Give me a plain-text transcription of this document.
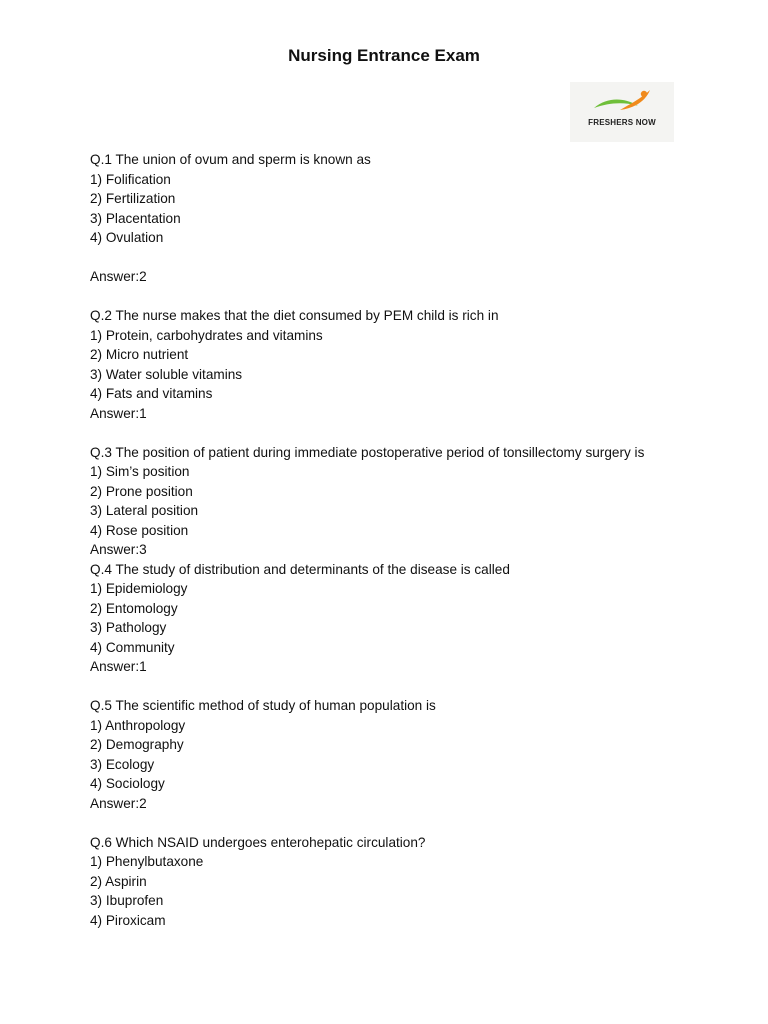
Nursing Entrance Exam
FRESHERS NOW
Q.1 The union of ovum and sperm is known as
1) Folification
2) Fertilization
3) Placentation
4) Ovulation
Answer:2
Q.2 The nurse makes that the diet consumed by PEM child is rich in
1) Protein, carbohydrates and vitamins
2) Micro nutrient
3) Water soluble vitamins
4) Fats and vitamins
Answer:1
Q.3 The position of patient during immediate postoperative period of tonsillectomy surgery is
1) Sim’s position
2) Prone position
3) Lateral position
4) Rose position
Answer:3
Q.4 The study of distribution and determinants of the disease is called
1) Epidemiology
2) Entomology
3) Pathology
4) Community
Answer:1
Q.5 The scientific method of study of human population is
1) Anthropology
2) Demography
3) Ecology
4) Sociology
Answer:2
Q.6 Which NSAID undergoes enterohepatic circulation?
1) Phenylbutaxone
2) Aspirin
3) Ibuprofen
4) Piroxicam
